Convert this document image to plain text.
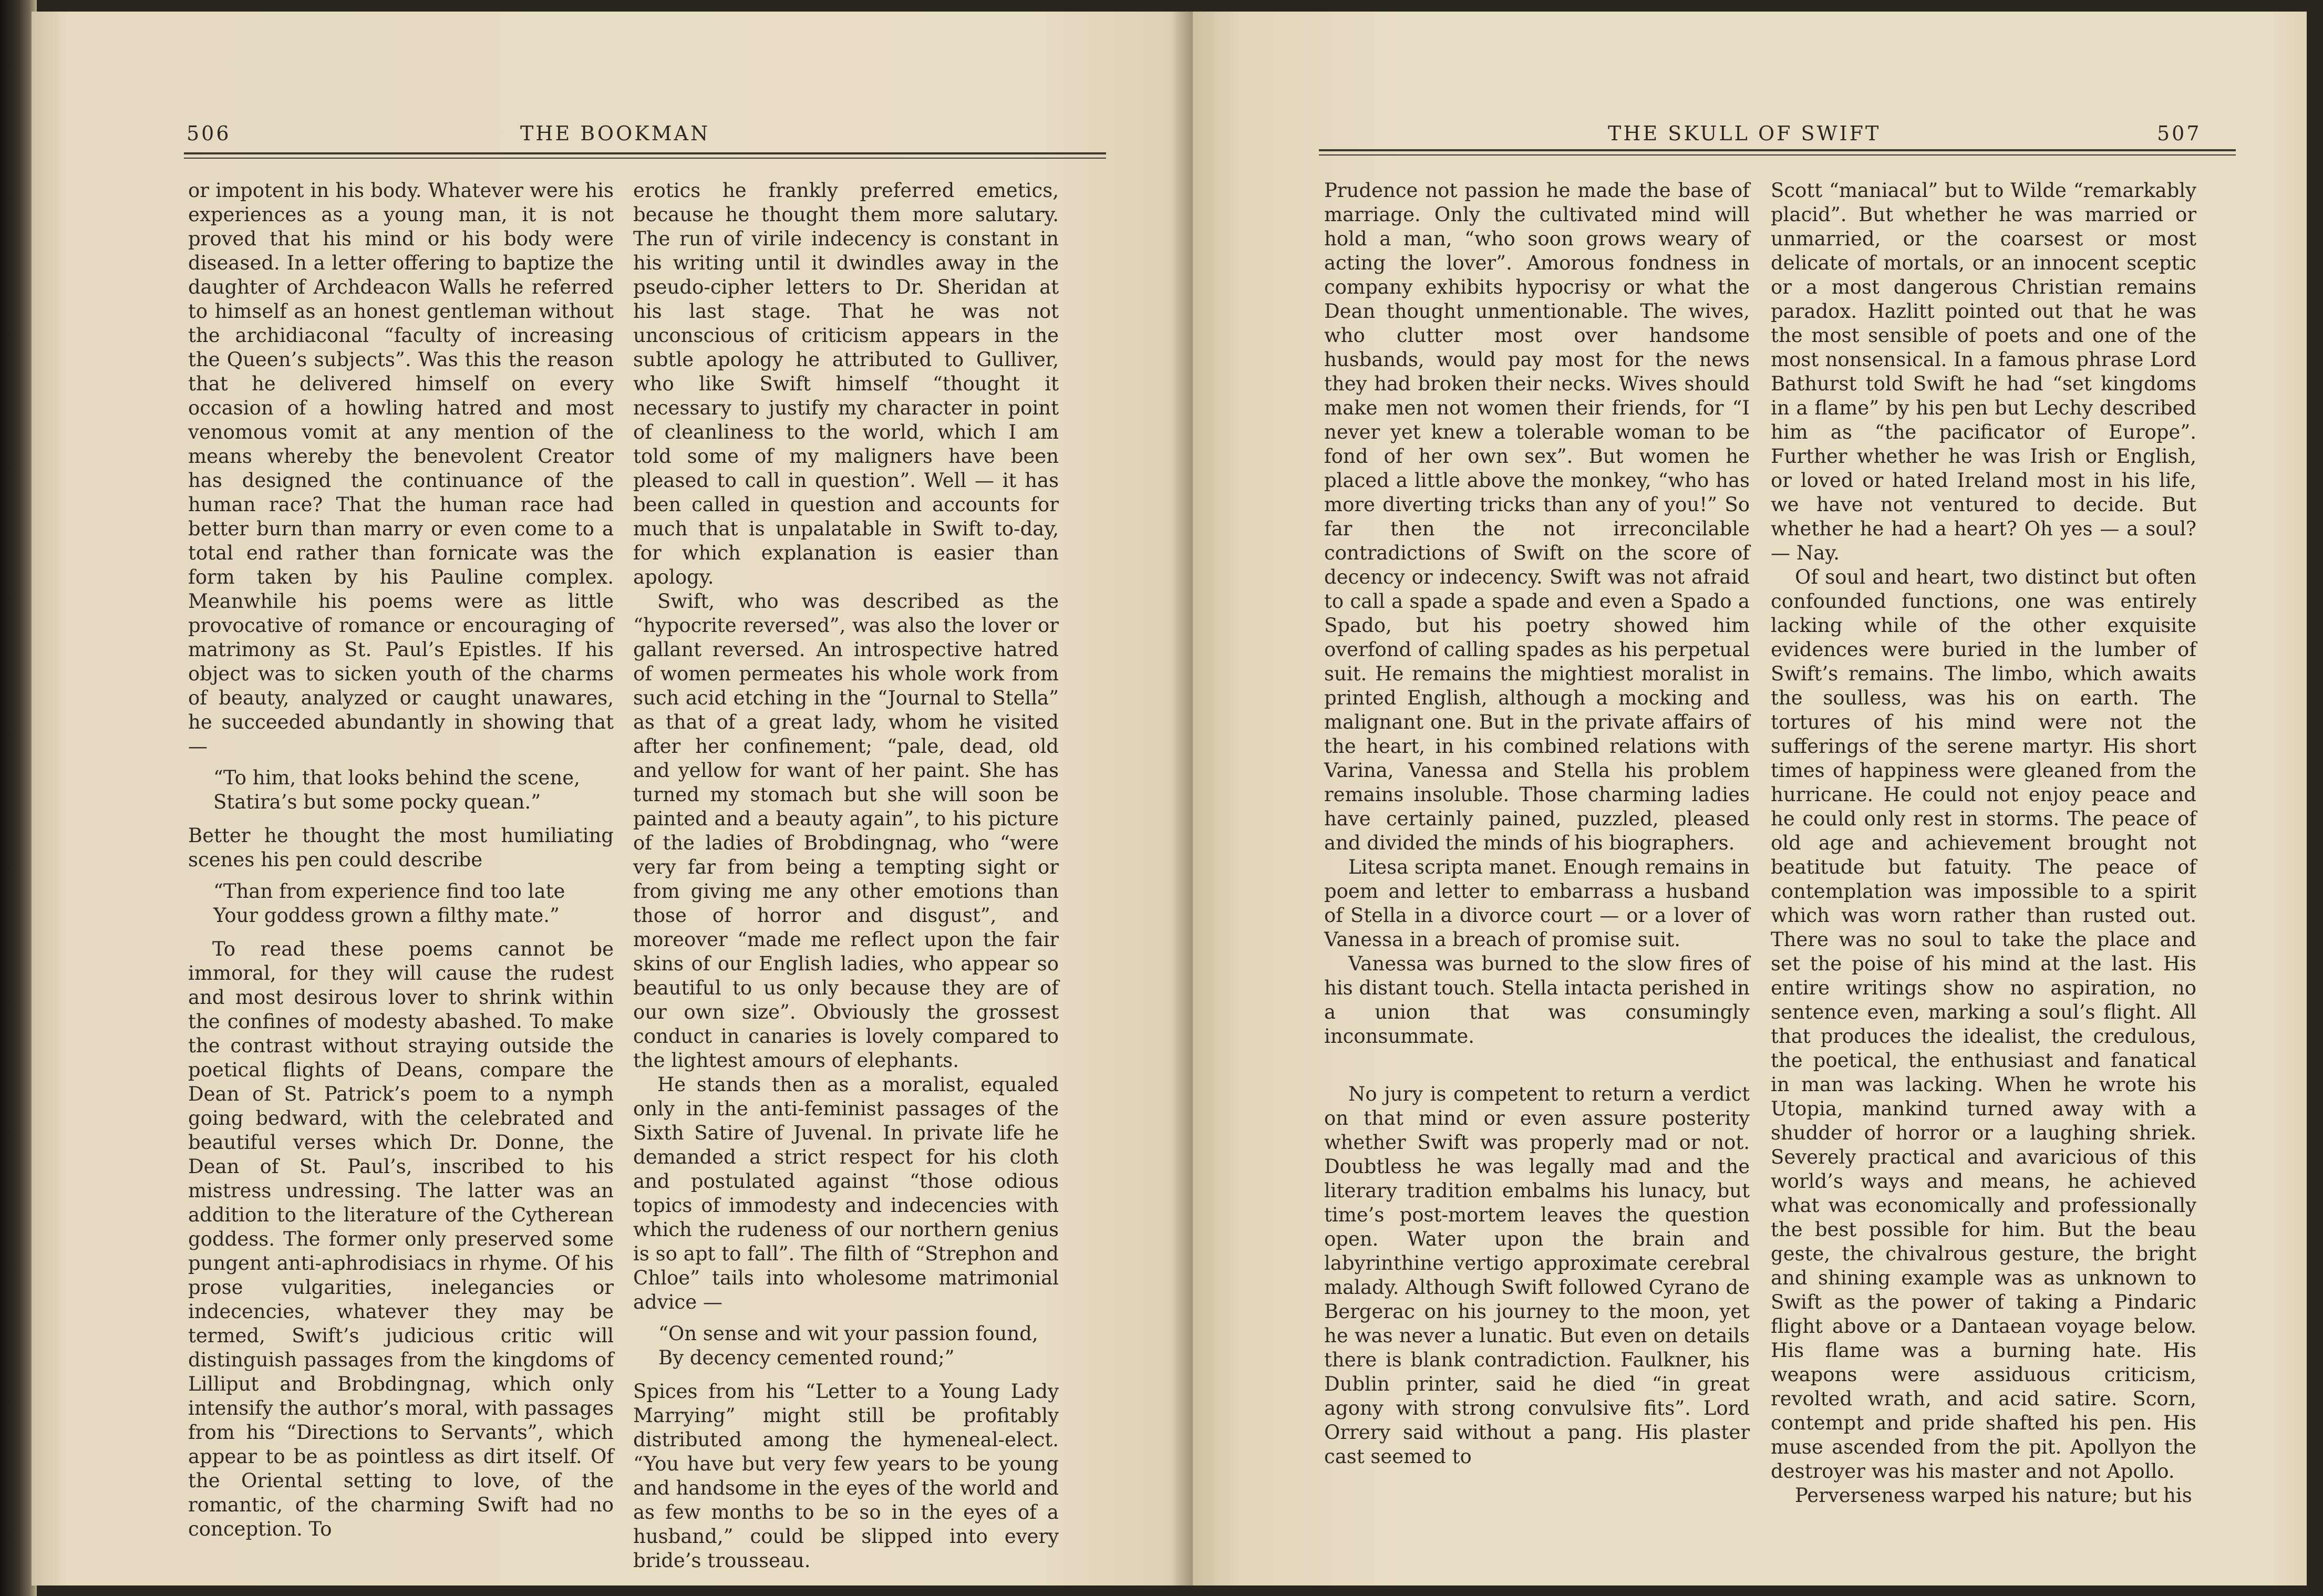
506	THE BOOKMAN

or impotent in his body. Whatever were his experiences as a young man, it is not proved that his mind or his body were diseased. In a letter offering to baptize the daughter of Archdeacon Walls he referred to himself as an honest gentleman without the archidiaconal “faculty of increasing the Queen’s subjects”. Was this the reason that he delivered himself on every occasion of a howling hatred and most venomous vomit at any mention of the means whereby the benevolent Creator has designed the continuance of the human race? That the human race had better burn than marry or even come to a total end rather than fornicate was the form taken by his Pauline complex. Meanwhile his poems were as little provocative of romance or encouraging of matrimony as St. Paul’s Epistles. If his object was to sicken youth of the charms of beauty, analyzed or caught unawares, he succeeded abundantly in showing that—

“To him, that looks behind the scene,
Statira’s but some pocky quean.”

Better he thought the most humiliating scenes his pen could describe

“Than from experience find too late
Your goddess grown a filthy mate.”

To read these poems cannot be immoral, for they will cause the rudest and most desirous lover to shrink within the confines of modesty abashed. To make the contrast without straying outside the poetical flights of Deans, compare the Dean of St. Patrick’s poem to a nymph going bedward, with the celebrated and beautiful verses which Dr. Donne, the Dean of St. Paul’s, inscribed to his mistress undressing. The latter was an addition to the literature of the Cytherean goddess. The former only preserved some pungent anti-aphrodisiacs in rhyme. Of his prose vulgarities, inelegancies or indecencies, whatever they may be termed, Swift’s judicious critic will distinguish passages from the kingdoms of Lilliput and Brobdingnag, which only intensify the author’s moral, with passages from his “Directions to Servants”, which appear to be as pointless as dirt itself. Of the Oriental setting to love, of the romantic, of the charming Swift had no conception. To

erotics he frankly preferred emetics, because he thought them more salutary. The run of virile indecency is constant in his writing until it dwindles away in the pseudo-cipher letters to Dr. Sheridan at his last stage. That he was not unconscious of criticism appears in the subtle apology he attributed to Gulliver, who like Swift himself “thought it necessary to justify my character in point of cleanliness to the world, which I am told some of my maligners have been pleased to call in question”. Well — it has been called in question and accounts for much that is unpalatable in Swift to-day, for which explanation is easier than apology.

Swift, who was described as the “hypocrite reversed”, was also the lover or gallant reversed. An introspective hatred of women permeates his whole work from such acid etching in the “Journal to Stella” as that of a great lady, whom he visited after her confinement; “pale, dead, old and yellow for want of her paint. She has turned my stomach but she will soon be painted and a beauty again”, to his picture of the ladies of Brobdingnag, who “were very far from being a tempting sight or from giving me any other emotions than those of horror and disgust”, and moreover “made me reflect upon the fair skins of our English ladies, who appear so beautiful to us only because they are of our own size”. Obviously the grossest conduct in canaries is lovely compared to the lightest amours of elephants.

He stands then as a moralist, equaled only in the anti-feminist passages of the Sixth Satire of Juvenal. In private life he demanded a strict respect for his cloth and postulated against “those odious topics of immodesty and indecencies with which the rudeness of our northern genius is so apt to fall”. The filth of “Strephon and Chloe” tails into wholesome matrimonial advice —

“On sense and wit your passion found,
By decency cemented round;”

Spices from his “Letter to a Young Lady Marrying” might still be profitably distributed among the hymeneal-elect. “You have but very few years to be young and handsome in the eyes of the world and as few months to be so in the eyes of a husband,” could be slipped into every bride’s trousseau.

THE SKULL OF SWIFT	507

Prudence not passion he made the base of marriage. Only the cultivated mind will hold a man, “who soon grows weary of acting the lover”. Amorous fondness in company exhibits hypocrisy or what the Dean thought unmentionable. The wives, who clutter most over handsome husbands, would pay most for the news they had broken their necks. Wives should make men not women their friends, for “I never yet knew a tolerable woman to be fond of her own sex”. But women he placed a little above the monkey, “who has more diverting tricks than any of you!” So far then the not irreconcilable contradictions of Swift on the score of decency or indecency. Swift was not afraid to call a spade a spade and even a Spado a Spado, but his poetry showed him overfond of calling spades as his perpetual suit. He remains the mightiest moralist in printed English, although a mocking and malignant one. But in the private affairs of the heart, in his combined relations with Varina, Vanessa and Stella his problem remains insoluble. Those charming ladies have certainly pained, puzzled, pleased and divided the minds of his biographers.

Litesa scripta manet. Enough remains in poem and letter to embarrass a husband of Stella in a divorce court — or a lover of Vanessa in a breach of promise suit.

Vanessa was burned to the slow fires of his distant touch. Stella intacta perished in a union that was consumingly inconsummate.

No jury is competent to return a verdict on that mind or even assure posterity whether Swift was properly mad or not. Doubtless he was legally mad and the literary tradition embalms his lunacy, but time’s post-mortem leaves the question open. Water upon the brain and labyrinthine vertigo approximate cerebral malady. Although Swift followed Cyrano de Bergerac on his journey to the moon, yet he was never a lunatic. But even on details there is blank contradiction. Faulkner, his Dublin printer, said he died “in great agony with strong convulsive fits”. Lord Orrery said without a pang. His plaster cast seemed to

Scott “maniacal” but to Wilde “remarkably placid”. But whether he was married or unmarried, or the coarsest or most delicate of mortals, or an innocent sceptic or a most dangerous Christian remains paradox. Hazlitt pointed out that he was the most sensible of poets and one of the most nonsensical. In a famous phrase Lord Bathurst told Swift he had “set kingdoms in a flame” by his pen but Lechy described him as “the pacificator of Europe”. Further whether he was Irish or English, or loved or hated Ireland most in his life, we have not ventured to decide. But whether he had a heart? Oh yes — a soul? — Nay.

Of soul and heart, two distinct but often confounded functions, one was entirely lacking while of the other exquisite evidences were buried in the lumber of Swift’s remains. The limbo, which awaits the soulless, was his on earth. The tortures of his mind were not the sufferings of the serene martyr. His short times of happiness were gleaned from the hurricane. He could not enjoy peace and he could only rest in storms. The peace of old age and achievement brought not beatitude but fatuity. The peace of contemplation was impossible to a spirit which was worn rather than rusted out. There was no soul to take the place and set the poise of his mind at the last. His entire writings show no aspiration, no sentence even, marking a soul’s flight. All that produces the idealist, the credulous, the poetical, the enthusiast and fanatical in man was lacking. When he wrote his Utopia, mankind turned away with a shudder of horror or a laughing shriek. Severely practical and avaricious of this world’s ways and means, he achieved what was economically and professionally the best possible for him. But the beau geste, the chivalrous gesture, the bright and shining example was as unknown to Swift as the power of taking a Pindaric flight above or a Dantaean voyage below. His flame was a burning hate. His weapons were assiduous criticism, revolted wrath, and acid satire. Scorn, contempt and pride shafted his pen. His muse ascended from the pit. Apollyon the destroyer was his master and not Apollo.

Perverseness warped his nature; but his
